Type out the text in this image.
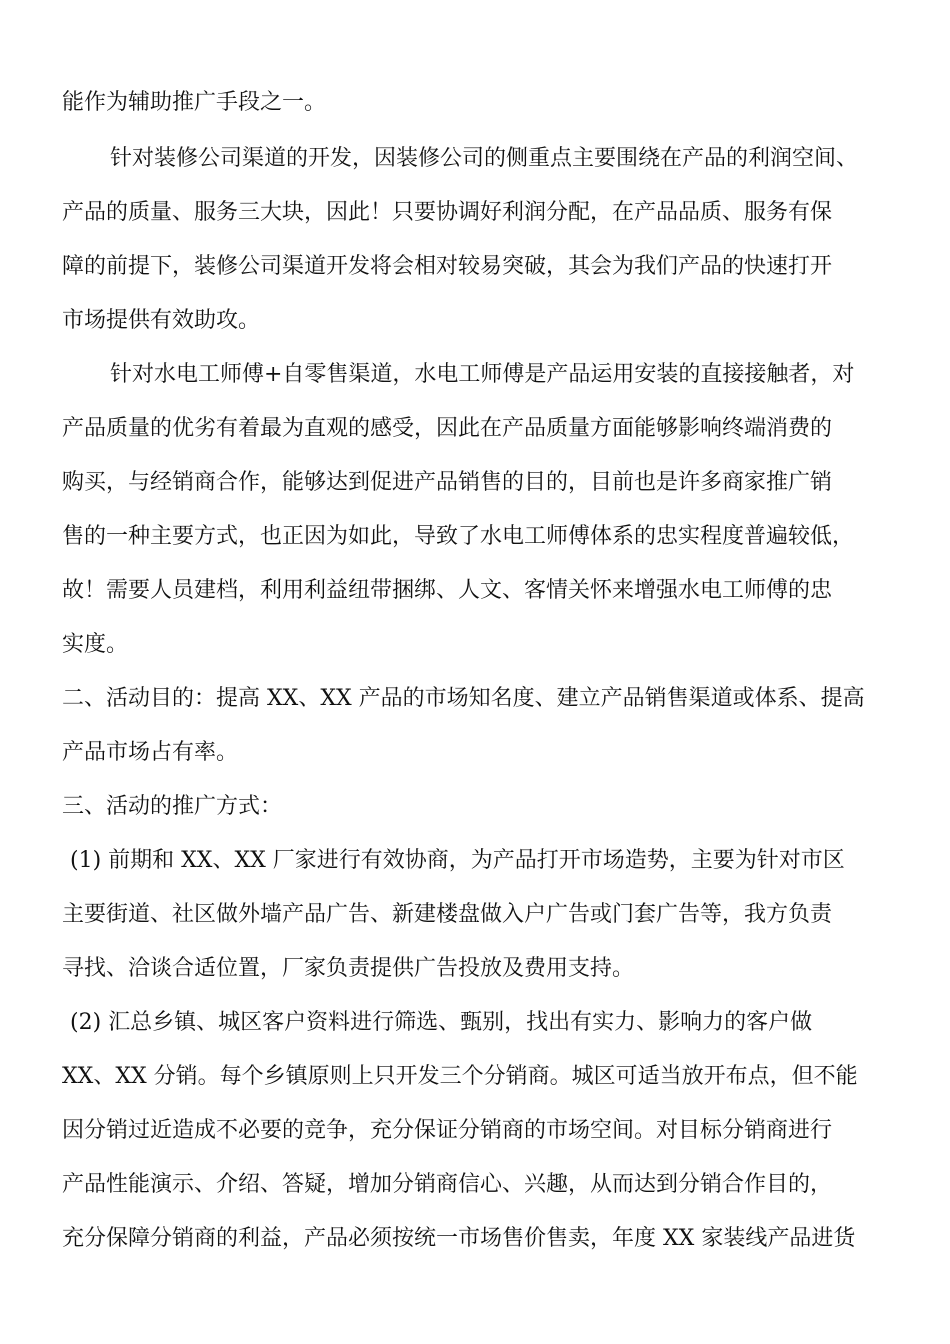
能作为辅助推广手段之一。
针对装修公司渠道的开发，因装修公司的侧重点主要围绕在产品的利润空间、
产品的质量、服务三大块，因此！只要协调好利润分配，在产品品质、服务有保
障的前提下，装修公司渠道开发将会相对较易突破，其会为我们产品的快速打开
市场提供有效助攻。
针对水电工师傅+自零售渠道，水电工师傅是产品运用安装的直接接触者，对
产品质量的优劣有着最为直观的感受，因此在产品质量方面能够影响终端消费的
购买，与经销商合作，能够达到促进产品销售的目的，目前也是许多商家推广销
售的一种主要方式，也正因为如此，导致了水电工师傅体系的忠实程度普遍较低，
故！需要人员建档，利用利益纽带捆绑、人文、客情关怀来增强水电工师傅的忠
实度。
二、活动目的：提高 XX、XX 产品的市场知名度、建立产品销售渠道或体系、提高
产品市场占有率。
三、活动的推广方式：
(1) 前期和 XX、XX 厂家进行有效协商，为产品打开市场造势，主要为针对市区
主要街道、社区做外墙产品广告、新建楼盘做入户广告或门套广告等，我方负责
寻找、洽谈合适位置，厂家负责提供广告投放及费用支持。
(2) 汇总乡镇、城区客户资料进行筛选、甄别，找出有实力、影响力的客户做
XX、XX 分销。每个乡镇原则上只开发三个分销商。城区可适当放开布点，但不能
因分销过近造成不必要的竞争，充分保证分销商的市场空间。对目标分销商进行
产品性能演示、介绍、答疑，增加分销商信心、兴趣，从而达到分销合作目的，
充分保障分销商的利益，产品必须按统一市场售价售卖，年度 XX 家装线产品进货
